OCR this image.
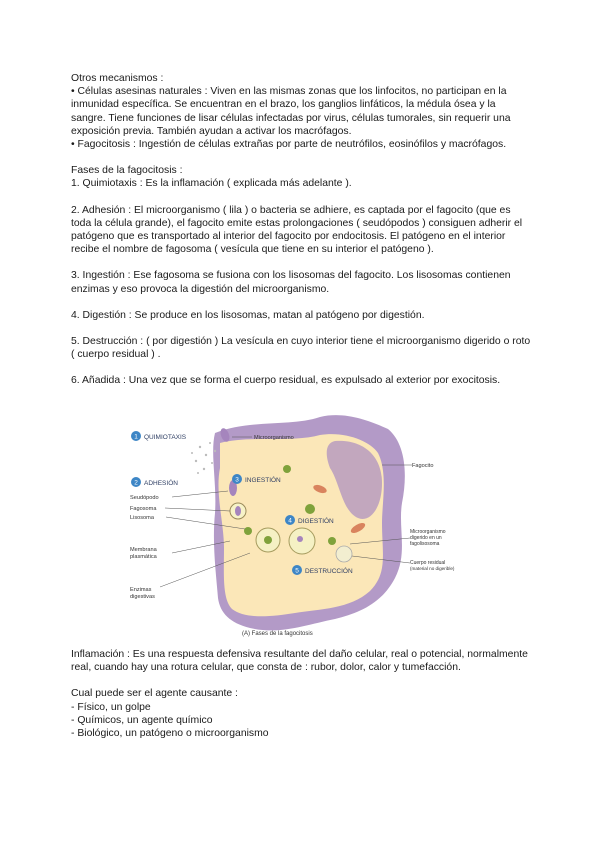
Otros mecanismos :

• Células asesinas naturales : Viven en las mismas zonas que los linfocitos, no participan en la inmunidad específica. Se encuentran en el brazo, los ganglios linfáticos, la médula ósea y la sangre. Tiene funciones de lisar células infectadas por virus, células tumorales, sin requerir una exposición previa. También ayudan a activar los macrófagos.

• Fagocitosis : Ingestión de células extrañas por parte de neutrófilos, eosinófilos y macrófagos.

Fases de la fagocitosis :

1. Quimiotaxis : Es la inflamación ( explicada más adelante ).

2. Adhesión : El microorganismo ( lila ) o bacteria se adhiere, es captada por el fagocito (que es toda la célula grande), el fagocito emite estas prolongaciones ( seudópodos ) consiguen adherir el patógeno que es transportado al interior del fagocito por endocitosis. El patógeno en el interior recibe el nombre de fagosoma ( vesícula que tiene en su interior el patógeno ).

3. Ingestión : Ese fagosoma se fusiona con los lisosomas del fagocito. Los lisosomas contienen enzimas y eso provoca la digestión del microorganismo.

4. Digestión : Se produce en los lisosomas, matan al patógeno por digestión.

5. Destrucción : ( por digestión ) La vesícula en cuyo interior tiene el microorganismo digerido o roto ( cuerpo residual ) .

6. Añadida : Una vez que se forma el cuerpo residual, es expulsado al exterior por exocitosis.

1 QUIMIOTAXIS
2 ADHESIÓN	3 INGESTIÓN
4 DIGESTIÓN
5 DESTRUCCIÓN
Microorganismo
Fagocito
Seudópodo
Fagosoma
Lisosoma
Membrana
plasmática
Enzimas
digestivas
Microorganismo
digerido en un
fagolisosoma
Cuerpo residual
(material no digerible)
(A) Fases de la fagocitosis

Inflamación : Es una respuesta defensiva resultante del daño celular, real o potencial, normalmente real, cuando hay una rotura celular, que consta de : rubor, dolor, calor y tumefacción.

Cual puede ser el agente causante :

- Físico, un golpe

- Químicos, un agente químico

- Biológico, un patógeno o microorganismo
